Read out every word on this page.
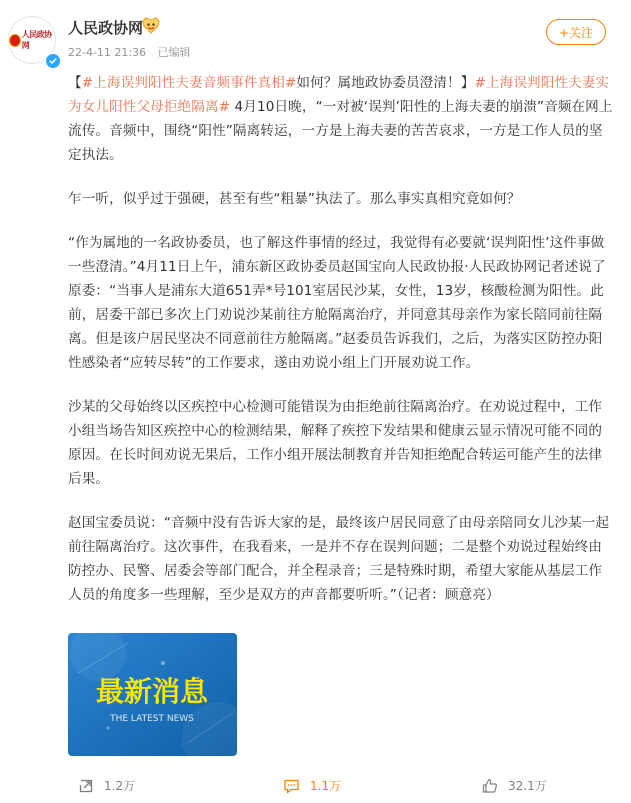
人民政协网
人民政协网
22-4-11 21:36 已编辑
+关注

【#上海误判阳性夫妻音频事件真相#如何？属地政协委员澄清！】#上海误判阳性夫妻实为女儿阳性父母拒绝隔离# 4月10日晚，“一对被‘误判’阳性的上海夫妻的崩溃”音频在网上流传。音频中，围绕“阳性”隔离转运，一方是上海夫妻的苦苦哀求，一方是工作人员的坚定执法。

乍一听，似乎过于强硬，甚至有些“粗暴”执法了。那么事实真相究竟如何？

“作为属地的一名政协委员，也了解这件事情的经过，我觉得有必要就‘误判阳性’这件事做一些澄清。”4月11日上午，浦东新区政协委员赵国宝向人民政协报·人民政协网记者述说了原委：“当事人是浦东大道651弄*号101室居民沙某，女性，13岁，核酸检测为阳性。此前，居委干部已多次上门劝说沙某前往方舱隔离治疗，并同意其母亲作为家长陪同前往隔离。但是该户居民坚决不同意前往方舱隔离。”赵委员告诉我们，之后，为落实区防控办阳性感染者“应转尽转”的工作要求，遂由劝说小组上门开展劝说工作。

沙某的父母始终以区疾控中心检测可能错误为由拒绝前往隔离治疗。在劝说过程中，工作小组当场告知区疾控中心的检测结果，解释了疾控下发结果和健康云显示情况可能不同的原因。在长时间劝说无果后，工作小组开展法制教育并告知拒绝配合转运可能产生的法律后果。

赵国宝委员说：“音频中没有告诉大家的是，最终该户居民同意了由母亲陪同女儿沙某一起前往隔离治疗。这次事件，在我看来，一是并不存在误判问题；二是整个劝说过程始终由防控办、民警、居委会等部门配合，并全程录音；三是特殊时期，希望大家能从基层工作人员的角度多一些理解，至少是双方的声音都要听听。”（记者：顾意亮）

最新消息
THE LATEST NEWS
1.2万	1.1万	32.1万
